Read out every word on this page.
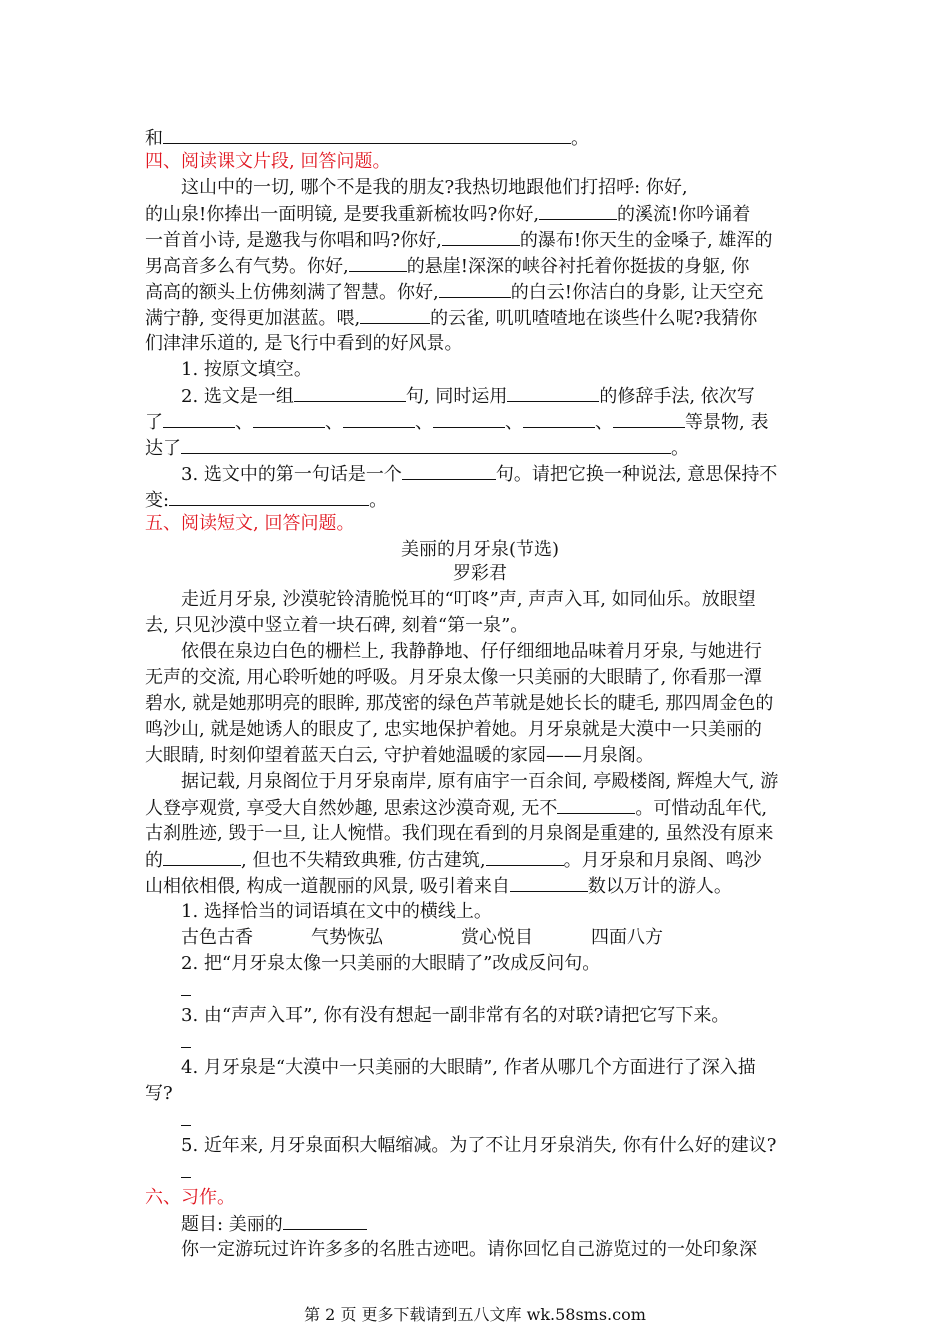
和	。
四、阅读课文片段, 回答问题。
这山中的一切, 哪个不是我的朋友?我热切地跟他们打招呼: 你好,
的山泉!你捧出一面明镜, 是要我重新梳妆吗?你好,	的溪流!你吟诵着
一首首小诗, 是邀我与你唱和吗?你好,	的瀑布!你天生的金嗓子, 雄浑的
男高音多么有气势。你好,	的悬崖!深深的峡谷衬托着你挺拔的身躯, 你
高高的额头上仿佛刻满了智慧。你好,	的白云!你洁白的身影, 让天空充
满宁静, 变得更加湛蓝。喂,	的云雀, 叽叽喳喳地在谈些什么呢?我猜你
们津津乐道的, 是飞行中看到的好风景。
1. 按原文填空。
2. 选文是一组	句, 同时运用	的修辞手法, 依次写
了	、	、	、	、	、	等景物, 表
达了	。
3. 选文中的第一句话是一个	句。请把它换一种说法, 意思保持不
变:	。
五、阅读短文, 回答问题。
美丽的月牙泉(节选)
罗彩君
走近月牙泉, 沙漠驼铃清脆悦耳的“叮咚”声, 声声入耳, 如同仙乐。放眼望
去, 只见沙漠中竖立着一块石碑, 刻着“第一泉”。
依偎在泉边白色的栅栏上, 我静静地、仔仔细细地品味着月牙泉, 与她进行
无声的交流, 用心聆听她的呼吸。月牙泉太像一只美丽的大眼睛了, 你看那一潭
碧水, 就是她那明亮的眼眸, 那茂密的绿色芦苇就是她长长的睫毛, 那四周金色的
鸣沙山, 就是她诱人的眼皮了, 忠实地保护着她。月牙泉就是大漠中一只美丽的
大眼睛, 时刻仰望着蓝天白云, 守护着她温暖的家园——月泉阁。
据记载, 月泉阁位于月牙泉南岸, 原有庙宇一百余间, 亭殿楼阁, 辉煌大气, 游
人登亭观赏, 享受大自然妙趣, 思索这沙漠奇观, 无不	。可惜动乱年代,
古刹胜迹, 毁于一旦, 让人惋惜。我们现在看到的月泉阁是重建的, 虽然没有原来
的	, 但也不失精致典雅, 仿古建筑,	。月牙泉和月泉阁、鸣沙
山相依相偎, 构成一道靓丽的风景, 吸引着来自	数以万计的游人。
1. 选择恰当的词语填在文中的横线上。
古色古香	气势恢弘	赏心悦目	四面八方
2. 把“月牙泉太像一只美丽的大眼睛了”改成反问句。
3. 由“声声入耳”, 你有没有想起一副非常有名的对联?请把它写下来。
4. 月牙泉是“大漠中一只美丽的大眼睛”, 作者从哪几个方面进行了深入描
写?
5. 近年来, 月牙泉面积大幅缩减。为了不让月牙泉消失, 你有什么好的建议?
六、习作。
题目: 美丽的
你一定游玩过许许多多的名胜古迹吧。请你回忆自己游览过的一处印象深
第 2 页 更多下载请到五八文库 wk.58sms.com
